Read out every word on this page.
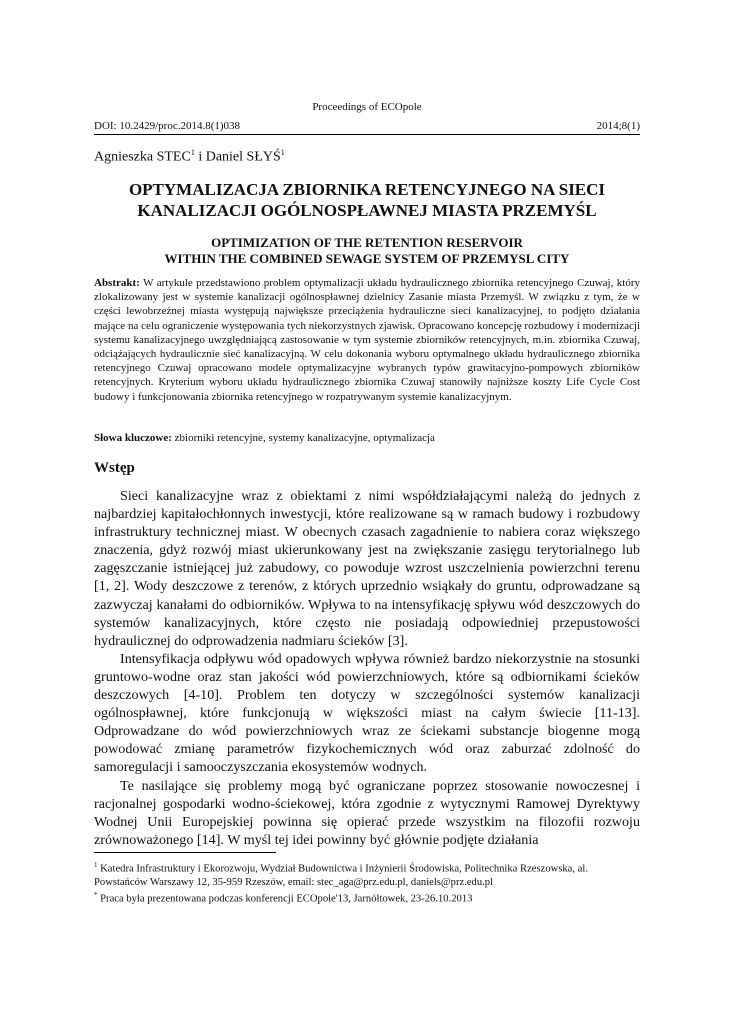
Proceedings of ECOpole
DOI: 10.2429/proc.2014.8(1)038	2014;8(1)
Agnieszka STEC$^1$ i Daniel SŁYŚ$^1$
OPTYMALIZACJA ZBIORNIKA RETENCYJNEGO NA SIECI
KANALIZACJI OGÓLNOSPŁAWNEJ MIASTA PRZEMYŚL
OPTIMIZATION OF THE RETENTION RESERVOIR
WITHIN THE COMBINED SEWAGE SYSTEM OF PRZEMYSL CITY
Abstrakt: W artykule przedstawiono problem optymalizacji układu hydraulicznego zbiornika retencyjnego Czuwaj, który zlokalizowany jest w systemie kanalizacji ogólnospławnej dzielnicy Zasanie miasta Przemyśl. W związku z tym, że w części lewobrzeżnej miasta występują największe przeciążenia hydrauliczne sieci kanalizacyjnej, to podjęto działania mające na celu ograniczenie występowania tych niekorzystnych zjawisk. Opracowano koncepcję rozbudowy i modernizacji systemu kanalizacyjnego uwzględniającą zastosowanie w tym systemie zbiorników retencyjnych, m.in. zbiornika Czuwaj, odciążających hydraulicznie sieć kanalizacyjną. W celu dokonania wyboru optymalnego układu hydraulicznego zbiornika retencyjnego Czuwaj opracowano modele optymalizacyjne wybranych typów grawitacyjno-pompowych zbiorników retencyjnych. Kryterium wyboru układu hydraulicznego zbiornika Czuwaj stanowiły najniższe koszty Life Cycle Cost budowy i funkcjonowania zbiornika retencyjnego w rozpatrywanym systemie kanalizacyjnym.
Słowa kluczowe: zbiorniki retencyjne, systemy kanalizacyjne, optymalizacja
Wstęp

Sieci kanalizacyjne wraz z obiektami z nimi współdziałającymi należą do jednych z najbardziej kapitałochłonnych inwestycji, które realizowane są w ramach budowy i rozbudowy infrastruktury technicznej miast. W obecnych czasach zagadnienie to nabiera coraz większego znaczenia, gdyż rozwój miast ukierunkowany jest na zwiększanie zasięgu terytorialnego lub zagęszczanie istniejącej już zabudowy, co powoduje wzrost uszczelnienia powierzchni terenu [1, 2]. Wody deszczowe z terenów, z których uprzednio wsiąkały do gruntu, odprowadzane są zazwyczaj kanałami do odbiorników. Wpływa to na intensyfikację spływu wód deszczowych do systemów kanalizacyjnych, które często nie posiadają odpowiedniej przepustowości hydraulicznej do odprowadzenia nadmiaru ścieków [3].

Intensyfikacja odpływu wód opadowych wpływa również bardzo niekorzystnie na stosunki gruntowo-wodne oraz stan jakości wód powierzchniowych, które są odbiornikami ścieków deszczowych [4-10]. Problem ten dotyczy w szczególności systemów kanalizacji ogólnospławnej, które funkcjonują w większości miast na całym świecie [11-13]. Odprowadzane do wód powierzchniowych wraz ze ściekami substancje biogenne mogą powodować zmianę parametrów fizykochemicznych wód oraz zaburzać zdolność do samoregulacji i samooczyszczania ekosystemów wodnych.

Te nasilające się problemy mogą być ograniczane poprzez stosowanie nowoczesnej i racjonalnej gospodarki wodno-ściekowej, która zgodnie z wytycznymi Ramowej Dyrektywy Wodnej Unii Europejskiej powinna się opierać przede wszystkim na filozofii rozwoju zrównoważonego [14]. W myśl tej idei powinny być głównie podjęte działania

$^1$ Katedra Infrastruktury i Ekorozwoju, Wydział Budownictwa i Inżynierii Środowiska, Politechnika Rzeszowska, al. Powstańców Warszawy 12, 35-959 Rzeszów, email: stec_aga@prz.edu.pl, daniels@prz.edu.pl
* Praca była prezentowana podczas konferencji ECOpole'13, Jarnółtowek, 23-26.10.2013
